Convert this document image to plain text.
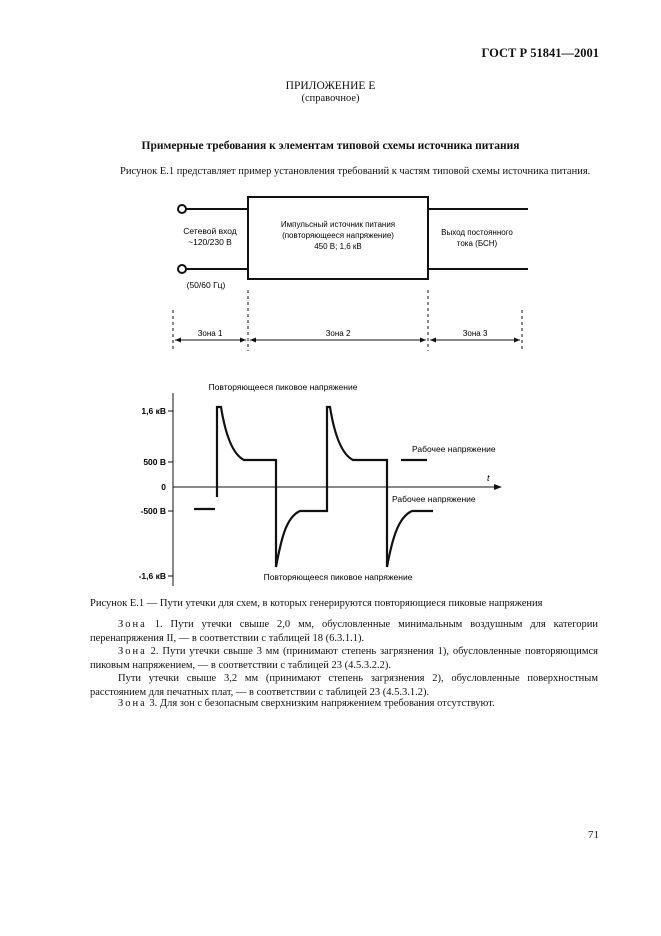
ГОСТ Р 51841—2001
ПРИЛОЖЕНИЕ Е
(справочное)
Примерные требования к элементам типовой схемы источника питания
Рисунок Е.1 представляет пример установления требований к частям типовой схемы источника питания.
Сетевой вход
~120/230 В
(50/60 Гц)
Импульсный источник питания
(повторяющееся напряжение)
450 В; 1,6 кВ
Выход постоянного
тока (БСН)
Зона 1	Зона 2	Зона 3
t
1,6 кВ
500 В
0
-500 В
-1,6 кВ
Повторяющееся пиковое напряжение
Повторяющееся пиковое напряжение
Рабочее напряжение
Рабочее напряжение
Рисунок Е.1 — Пути утечки для схем, в которых генерируются повторяющиеся пиковые напряжения
Зона 1. Пути утечки свыше 2,0 мм, обусловленные минимальным воздушным для категории перенапряжения II, — в соответствии с таблицей 18 (6.3.1.1).
Зона 2. Пути утечки свыше 3 мм (принимают степень загрязнения 1), обусловленные повторяющимся пиковым напряжением, — в соответствии с таблицей 23 (4.5.3.2.2).
Пути утечки свыше 3,2 мм (принимают степень загрязнения 2), обусловленные поверхностным расстоянием для печатных плат, — в соответствии с таблицей 23 (4.5.3.1.2).
Зона 3. Для зон с безопасным сверхнизким напряжением требования отсутствуют.
71
